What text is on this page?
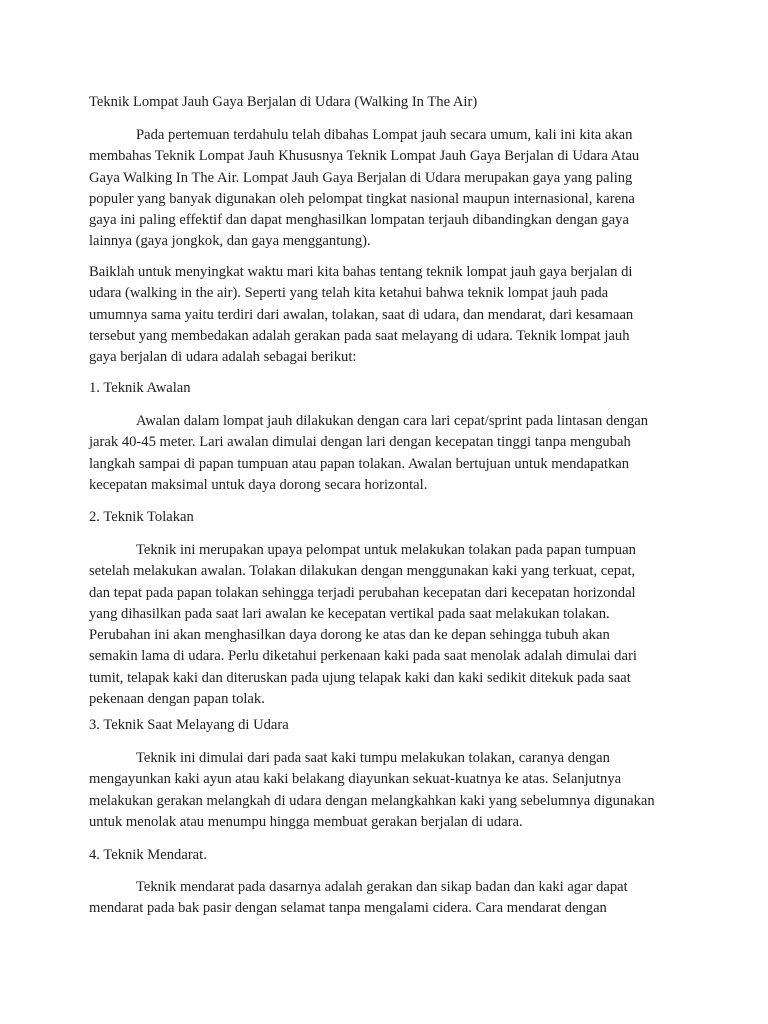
Teknik Lompat Jauh Gaya Berjalan di Udara (Walking In The Air)
Pada pertemuan terdahulu telah dibahas Lompat jauh secara umum, kali ini kita akan
membahas Teknik Lompat Jauh Khususnya Teknik Lompat Jauh Gaya Berjalan di Udara Atau
Gaya Walking In The Air. Lompat Jauh Gaya Berjalan di Udara merupakan gaya yang paling
populer yang banyak digunakan oleh pelompat tingkat nasional maupun internasional, karena
gaya ini paling effektif dan dapat menghasilkan lompatan terjauh dibandingkan dengan gaya
lainnya (gaya jongkok, dan gaya menggantung).
Baiklah untuk menyingkat waktu mari kita bahas tentang teknik lompat jauh gaya berjalan di
udara (walking in the air). Seperti yang telah kita ketahui bahwa teknik lompat jauh pada
umumnya sama yaitu terdiri dari awalan, tolakan, saat di udara, dan mendarat, dari kesamaan
tersebut yang membedakan adalah gerakan pada saat melayang di udara. Teknik lompat jauh
gaya berjalan di udara adalah sebagai berikut:
1. Teknik Awalan
Awalan dalam lompat jauh dilakukan dengan cara lari cepat/sprint pada lintasan dengan
jarak 40-45 meter. Lari awalan dimulai dengan lari dengan kecepatan tinggi tanpa mengubah
langkah sampai di papan tumpuan atau papan tolakan. Awalan bertujuan untuk mendapatkan
kecepatan maksimal untuk daya dorong secara horizontal.
2. Teknik Tolakan
Teknik ini merupakan upaya pelompat untuk melakukan tolakan pada papan tumpuan
setelah melakukan awalan. Tolakan dilakukan dengan menggunakan kaki yang terkuat, cepat,
dan tepat pada papan tolakan sehingga terjadi perubahan kecepatan dari kecepatan horizondal
yang dihasilkan pada saat lari awalan ke kecepatan vertikal pada saat melakukan tolakan.
Perubahan ini akan menghasilkan daya dorong ke atas dan ke depan sehingga tubuh akan
semakin lama di udara. Perlu diketahui perkenaan kaki pada saat menolak adalah dimulai dari
tumit, telapak kaki dan diteruskan pada ujung telapak kaki dan kaki sedikit ditekuk pada saat
pekenaan dengan papan tolak.
3. Teknik Saat Melayang di Udara
Teknik ini dimulai dari pada saat kaki tumpu melakukan tolakan, caranya dengan
mengayunkan kaki ayun atau kaki belakang diayunkan sekuat-kuatnya ke atas. Selanjutnya
melakukan gerakan melangkah di udara dengan melangkahkan kaki yang sebelumnya digunakan
untuk menolak atau menumpu hingga membuat gerakan berjalan di udara.
4. Teknik Mendarat.
Teknik mendarat pada dasarnya adalah gerakan dan sikap badan dan kaki agar dapat
mendarat pada bak pasir dengan selamat tanpa mengalami cidera. Cara mendarat dengan
